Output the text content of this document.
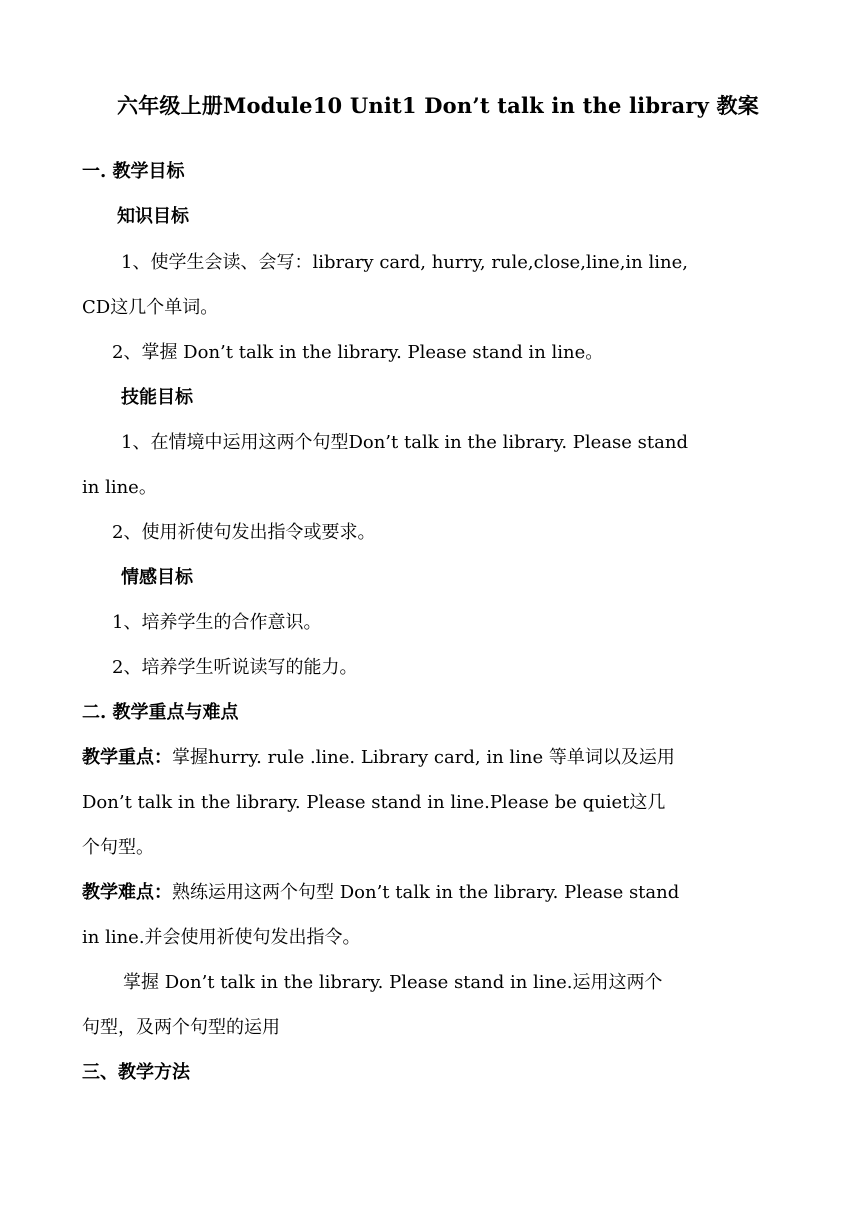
六年级上册Module10 Unit1 Don’t talk in the library 教案
一. 教学目标
知识目标
1、使学生会读、会写：library card, hurry, rule,close,line,in line,
CD这几个单词。
2、掌握 Don’t talk in the library. Please stand in line。
技能目标
1、在情境中运用这两个句型Don’t talk in the library. Please stand
in line。
2、使用祈使句发出指令或要求。
情感目标
1、培养学生的合作意识。
2、培养学生听说读写的能力。
二. 教学重点与难点
教学重点：掌握hurry. rule .line. Library card, in line 等单词以及运用
Don’t talk in the library. Please stand in line.Please be quiet这几
个句型。
教学难点：熟练运用这两个句型 Don’t talk in the library. Please stand
in line.并会使用祈使句发出指令。
掌握 Don’t talk in the library. Please stand in line.运用这两个
句型，及两个句型的运用
三、教学方法
